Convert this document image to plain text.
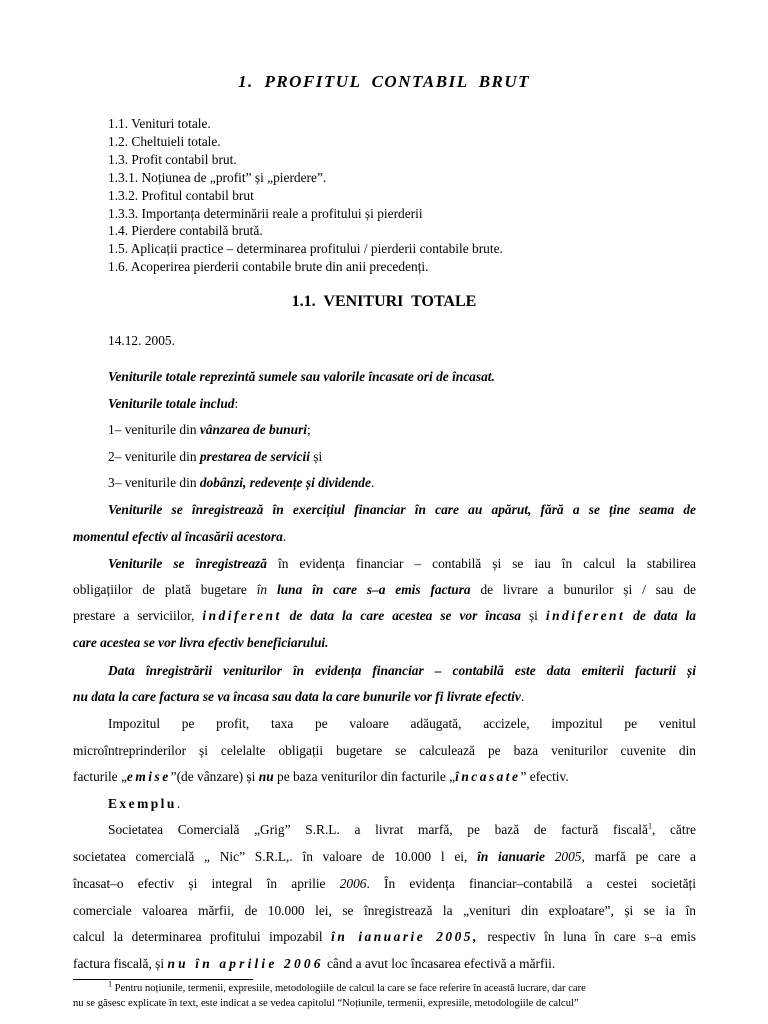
1. PROFITUL CONTABIL BRUT
1.1. Venituri totale.
1.2. Cheltuieli totale.
1.3. Profit contabil brut.
1.3.1. Noțiunea de „profit” și „pierdere”.
1.3.2. Profitul contabil brut
1.3.3. Importanța determinării reale a profitului și pierderii
1.4. Pierdere contabilă brută.
1.5. Aplicații practice – determinarea profitului / pierderii contabile brute.
1.6. Acoperirea pierderii contabile brute din anii precedenți.
1.1. VENITURI TOTALE
14.12. 2005.
Veniturile totale reprezintă sumele sau valorile încasate ori de încasat.
Veniturile totale includ:
1– veniturile din vânzarea de bunuri;
2– veniturile din prestarea de servicii și
3– veniturile din dobânzi, redevențe și dividende.
Veniturile se înregistrează în exercițiul financiar în care au apărut, fără a se ține seama de
momentul efectiv al încasării acestora.
Veniturile se înregistrează în evidența financiar – contabilă și se iau în calcul la stabilirea
obligațiilor de plată bugetare în luna în care s–a emis factura de livrare a bunurilor și / sau de
prestare a serviciilor, indiferent de data la care acestea se vor încasa și indiferent de data la
care acestea se vor livra efectiv beneficiarului.
Data înregistrării veniturilor în evidența financiar – contabilă este data emiterii facturii și
nu data la care factura se va încasa sau data la care bunurile vor fi livrate efectiv.
Impozitul pe profit, taxa pe valoare adăugată, accizele, impozitul pe venitul
microîntreprinderilor și celelalte obligații bugetare se calculează pe baza veniturilor cuvenite din
facturile „emise”(de vânzare) și nu pe baza veniturilor din facturile „încasate” efectiv.
Exemplu.
Societatea Comercială „Grig” S.R.L. a livrat marfă, pe bază de factură fiscală$^1$, către
societatea comercială „ Nic” S.R.L,. în valoare de 10.000 l ei, în ianuarie 2005, marfă pe care a
încasat–o efectiv și integral în aprilie 2006. În evidența financiar–contabilă a cestei societăți
comerciale valoarea mărfii, de 10.000 lei, se înregistrează la „venituri din exploatare”, și se ia în
calcul la determinarea profitului impozabil în ianuarie 2005, respectiv în luna în care s–a emis
factura fiscală, și nu în aprilie 2006 când a avut loc încasarea efectivă a mărfii.
$^1$ Pentru noțiunile, termenii, expresiile, metodologiile de calcul la care se face referire în această lucrare, dar care
nu se găsesc explicate în text, este indicat a se vedea capitolul “Noțiunile, termenii, expresiile, metodologiile de calcul”
